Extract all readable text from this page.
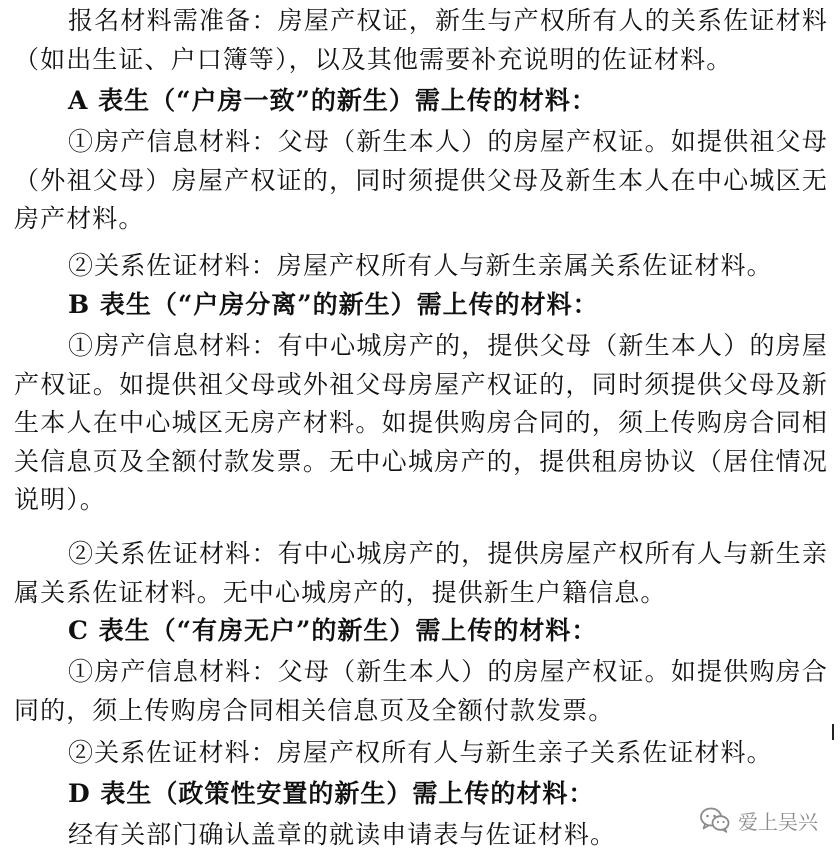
报名材料需准备：房屋产权证，新生与产权所有人的关系佐证材料（如出生证、户口簿等），以及其他需要补充说明的佐证材料。
A 表生（“户房一致”的新生）需上传的材料：
①房产信息材料：父母（新生本人）的房屋产权证。如提供祖父母（外祖父母）房屋产权证的，同时须提供父母及新生本人在中心城区无房产材料。
②关系佐证材料：房屋产权所有人与新生亲属关系佐证材料。
B 表生（“户房分离”的新生）需上传的材料：
①房产信息材料：有中心城房产的，提供父母（新生本人）的房屋产权证。如提供祖父母或外祖父母房屋产权证的，同时须提供父母及新生本人在中心城区无房产材料。如提供购房合同的，须上传购房合同相关信息页及全额付款发票。无中心城房产的，提供租房协议（居住情况说明）。
②关系佐证材料：有中心城房产的，提供房屋产权所有人与新生亲属关系佐证材料。无中心城房产的，提供新生户籍信息。
C 表生（“有房无户”的新生）需上传的材料：
①房产信息材料：父母（新生本人）的房屋产权证。如提供购房合同的，须上传购房合同相关信息页及全额付款发票。
②关系佐证材料：房屋产权所有人与新生亲子关系佐证材料。
D 表生（政策性安置的新生）需上传的材料：
经有关部门确认盖章的就读申请表与佐证材料。	爱上吴兴
